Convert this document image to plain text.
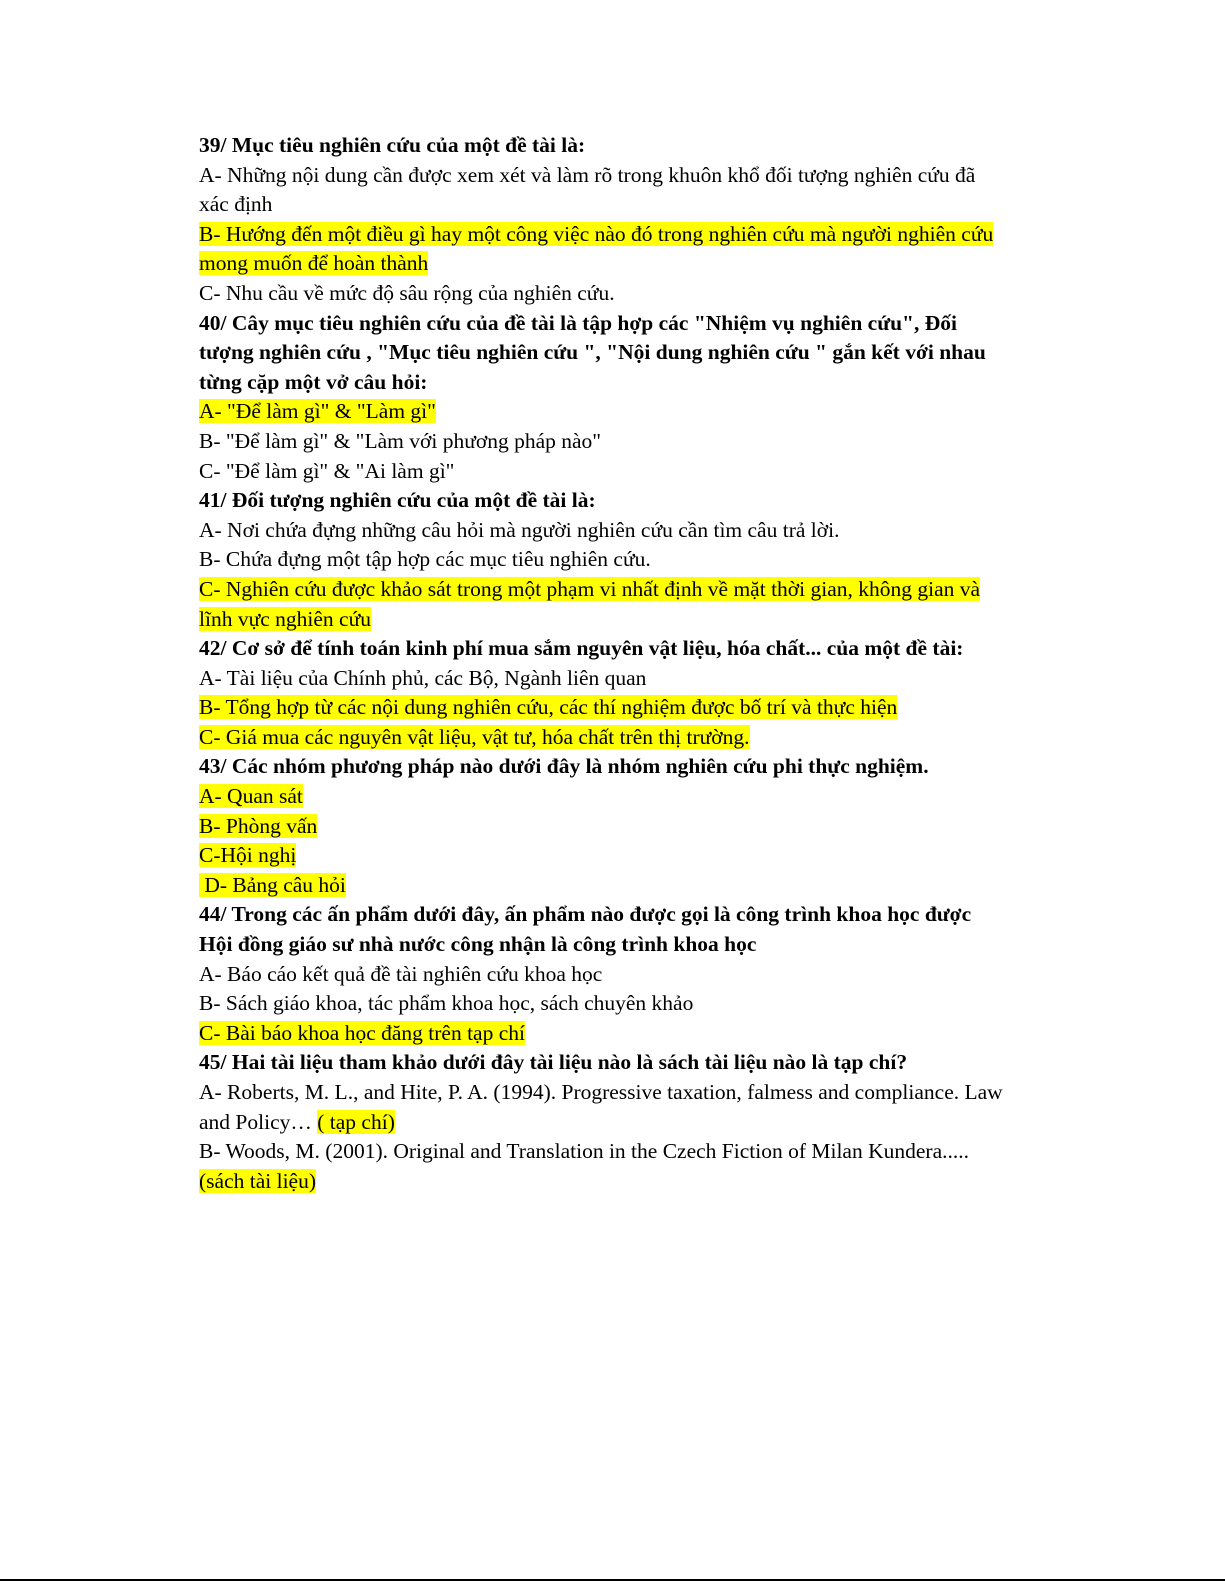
39/ Mục tiêu nghiên cứu của một đề tài là:
A- Những nội dung cần được xem xét và làm rõ trong khuôn khổ đối tượng nghiên cứu đã
xác định
B- Hướng đến một điều gì hay một công việc nào đó trong nghiên cứu mà người nghiên cứu
mong muốn để hoàn thành
C- Nhu cầu về mức độ sâu rộng của nghiên cứu.
40/ Cây mục tiêu nghiên cứu của đề tài là tập hợp các "Nhiệm vụ nghiên cứu", Đối
tượng nghiên cứu , "Mục tiêu nghiên cứu ", "Nội dung nghiên cứu " gắn kết với nhau
từng cặp một vở câu hỏi:
A- "Để làm gì" & "Làm gì"
B- "Để làm gì" & "Làm với phương pháp nào"
C- "Để làm gì" & "Ai làm gì"
41/ Đối tượng nghiên cứu của một đề tài là:
A- Nơi chứa đựng những câu hỏi mà người nghiên cứu cần tìm câu trả lời.
B- Chứa đựng một tập hợp các mục tiêu nghiên cứu.
C- Nghiên cứu được khảo sát trong một phạm vi nhất định về mặt thời gian, không gian và
lĩnh vực nghiên cứu
42/ Cơ sở để tính toán kinh phí mua sắm nguyên vật liệu, hóa chất... của một đề tài:
A- Tài liệu của Chính phủ, các Bộ, Ngành liên quan
B- Tổng hợp từ các nội dung nghiên cứu, các thí nghiệm được bố trí và thực hiện
C- Giá mua các nguyên vật liệu, vật tư, hóa chất trên thị trường.
43/ Các nhóm phương pháp nào dưới đây là nhóm nghiên cứu phi thực nghiệm.
A- Quan sát
B- Phòng vấn
C-Hội nghị
D- Bảng câu hỏi
44/ Trong các ấn phẩm dưới đây, ấn phẩm nào được gọi là công trình khoa học được
Hội đồng giáo sư nhà nước công nhận là công trình khoa học
A- Báo cáo kết quả đề tài nghiên cứu khoa học
B- Sách giáo khoa, tác phẩm khoa học, sách chuyên khảo
C- Bài báo khoa học đăng trên tạp chí
45/ Hai tài liệu tham khảo dưới đây tài liệu nào là sách tài liệu nào là tạp chí?
A- Roberts, M. L., and Hite, P. A. (1994). Progressive taxation, falmess and compliance. Law
and Policy… ( tạp chí)
B- Woods, M. (2001). Original and Translation in the Czech Fiction of Milan Kundera.....
(sách tài liệu)
